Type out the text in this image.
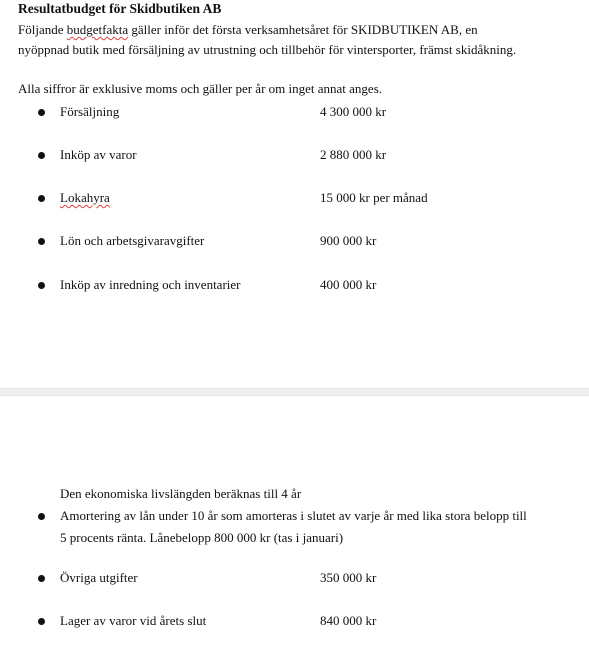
Resultatbudget för Skidbutiken AB
Följande budgetfakta gäller inför det första verksamhetsåret för SKIDBUTIKEN AB, en
nyöppnad butik med försäljning av utrustning och tillbehör för vintersporter, främst skidåkning.
Alla siffror är exklusive moms och gäller per år om inget annat anges.
Försäljning	4 300 000 kr
Inköp av varor	2 880 000 kr
Lokahyra	15 000 kr per månad
Lön och arbetsgivaravgifter	900 000 kr
Inköp av inredning och inventarier	400 000 kr
Den ekonomiska livslängden beräknas till 4 år
Amortering av lån under 10 år som amorteras i slutet av varje år med lika stora belopp till
5 procents ränta. Lånebelopp 800 000 kr (tas i januari)
Övriga utgifter	350 000 kr
Lager av varor vid årets slut	840 000 kr
